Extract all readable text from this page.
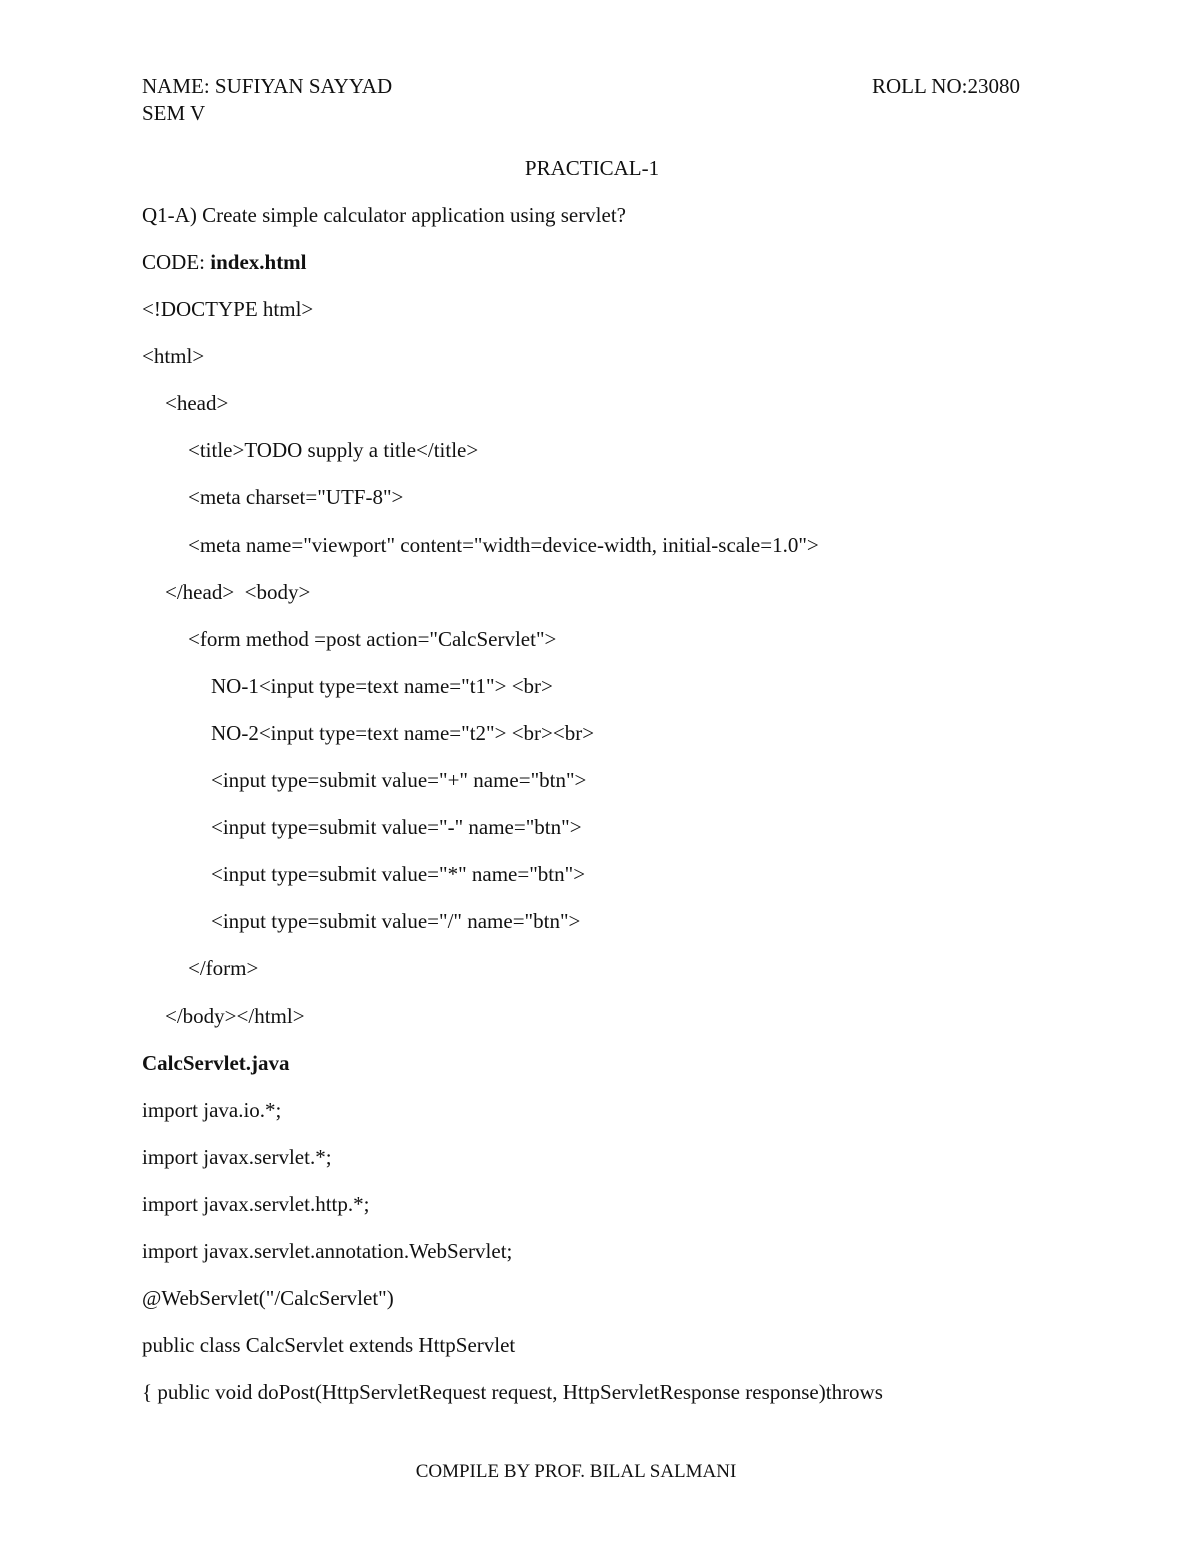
NAME: SUFIYAN SAYYAD
SEM V
ROLL NO:23080
PRACTICAL-1
Q1-A) Create simple calculator application using servlet?
CODE: index.html
<!DOCTYPE html>
<html>
<head>
<title>TODO supply a title</title>
<meta charset="UTF-8">
<meta name="viewport" content="width=device-width, initial-scale=1.0">
</head>  <body>
<form method =post action="CalcServlet">
NO-1<input type=text name="t1"> <br>
NO-2<input type=text name="t2"> <br><br>
<input type=submit value="+" name="btn">
<input type=submit value="-" name="btn">
<input type=submit value="*" name="btn">
<input type=submit value="/" name="btn">
</form>
</body></html>
CalcServlet.java
import java.io.*;
import javax.servlet.*;
import javax.servlet.http.*;
import javax.servlet.annotation.WebServlet;
@WebServlet("/CalcServlet")
public class CalcServlet extends HttpServlet
{ public void doPost(HttpServletRequest request, HttpServletResponse response)throws
COMPILE BY PROF. BILAL SALMANI
